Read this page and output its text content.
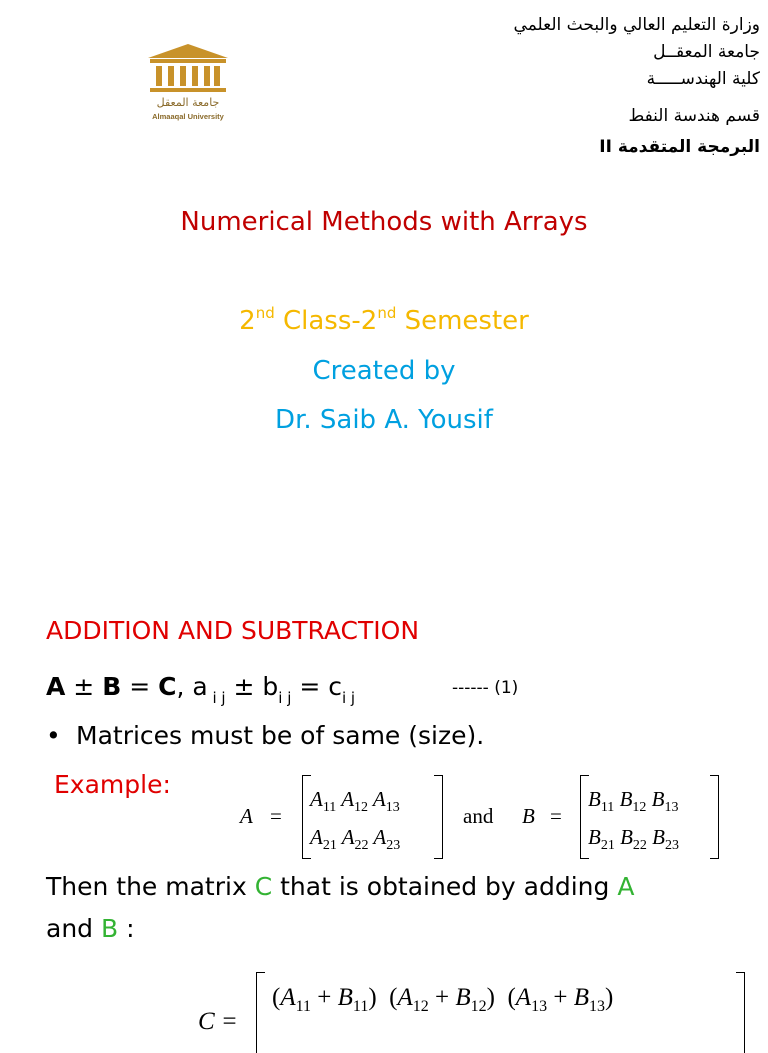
وزارة التعليم العالي والبحث العلمي
جامعة المعقــل
كلية الهندســـــة
قسم هندسة النفط
البرمجة المتقدمة II
جامعة المعقل
Almaaqal University
Numerical Methods with Arrays
2nd Class-2nd Semester
Created by
Dr. Saib A. Yousif
ADDITION AND SUBTRACTION
A ± B = C, a $_{i j} \pm b_{i j} = c_{i j}$	------ (1)
• Matrices must be of same (size).
Example:
A =
$A_{11}$ $A_{12}$ $A_{13}$
$A_{21}$ $A_{22}$ $A_{23}$
and B =
$B_{11}$ $B_{12}$ $B_{13}$
$B_{21}$ $B_{22}$ $B_{23}$
Then the matrix C that is obtained by adding A
and B :
C =
$(A_{11} + B_{11}) (A_{12} + B_{12}) (A_{13} + B_{13})$
